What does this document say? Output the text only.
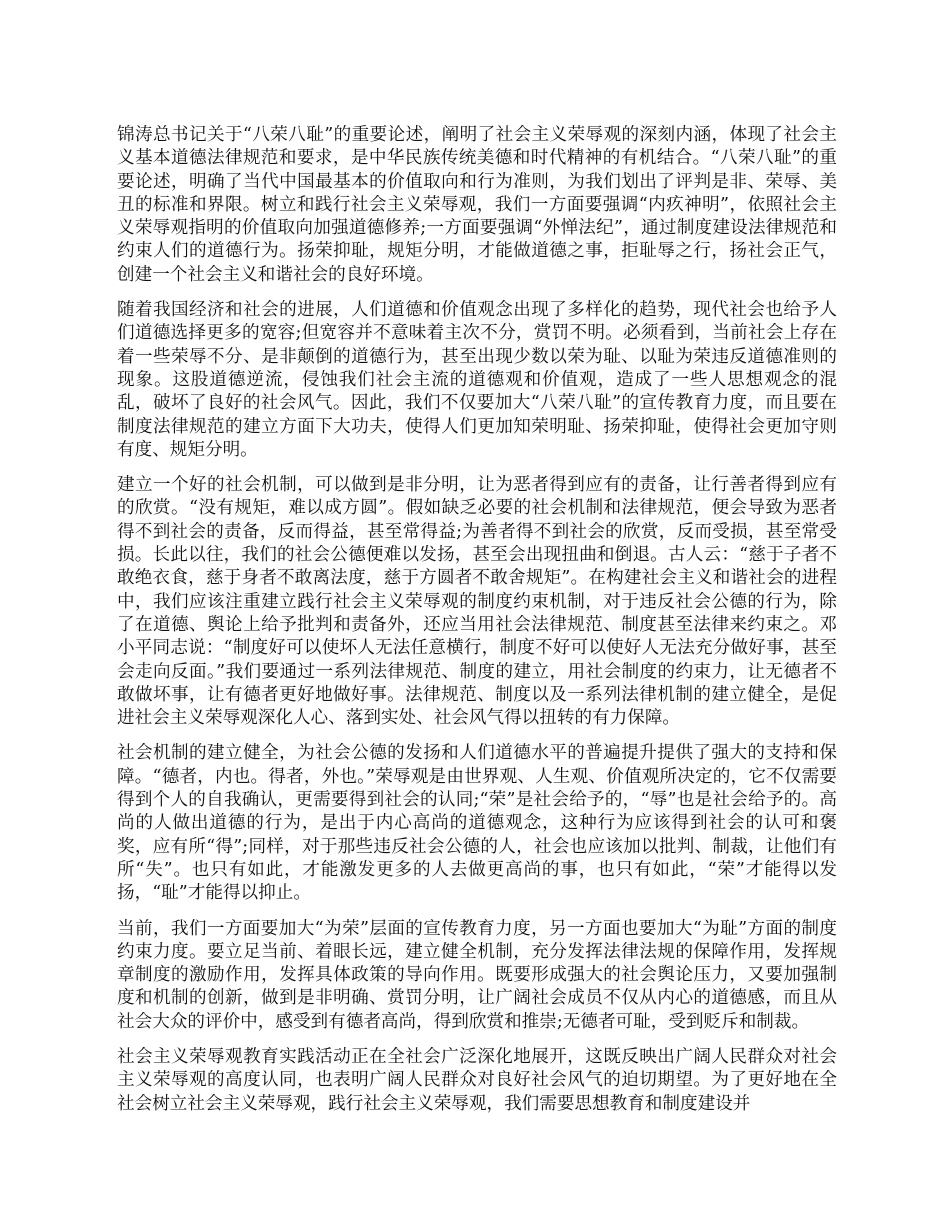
锦涛总书记关于“八荣八耻”的重要论述，阐明了社会主义荣辱观的深刻内涵，体现了社会主义基本道德法律规范和要求，是中华民族传统美德和时代精神的有机结合。“八荣八耻”的重要论述，明确了当代中国最基本的价值取向和行为准则，为我们划出了评判是非、荣辱、美丑的标准和界限。树立和践行社会主义荣辱观，我们一方面要强调“内疚神明”，依照社会主义荣辱观指明的价值取向加强道德修养;一方面要强调“外惮法纪”，通过制度建设法律规范和约束人们的道德行为。扬荣抑耻，规矩分明，才能做道德之事，拒耻辱之行，扬社会正气，创建一个社会主义和谐社会的良好环境。

随着我国经济和社会的进展，人们道德和价值观念出现了多样化的趋势，现代社会也给予人们道德选择更多的宽容;但宽容并不意味着主次不分，赏罚不明。必须看到，当前社会上存在着一些荣辱不分、是非颠倒的道德行为，甚至出现少数以荣为耻、以耻为荣违反道德准则的现象。这股道德逆流，侵蚀我们社会主流的道德观和价值观，造成了一些人思想观念的混乱，破坏了良好的社会风气。因此，我们不仅要加大“八荣八耻”的宣传教育力度，而且要在制度法律规范的建立方面下大功夫，使得人们更加知荣明耻、扬荣抑耻，使得社会更加守则有度、规矩分明。

建立一个好的社会机制，可以做到是非分明，让为恶者得到应有的责备，让行善者得到应有的欣赏。“没有规矩，难以成方圆”。假如缺乏必要的社会机制和法律规范，便会导致为恶者得不到社会的责备，反而得益，甚至常得益;为善者得不到社会的欣赏，反而受损，甚至常受损。长此以往，我们的社会公德便难以发扬，甚至会出现扭曲和倒退。古人云：“慈于子者不敢绝衣食，慈于身者不敢离法度，慈于方圆者不敢舍规矩”。在构建社会主义和谐社会的进程中，我们应该注重建立践行社会主义荣辱观的制度约束机制，对于违反社会公德的行为，除了在道德、舆论上给予批判和责备外，还应当用社会法律规范、制度甚至法律来约束之。邓小平同志说：“制度好可以使坏人无法任意横行，制度不好可以使好人无法充分做好事，甚至会走向反面。”我们要通过一系列法律规范、制度的建立，用社会制度的约束力，让无德者不敢做坏事，让有德者更好地做好事。法律规范、制度以及一系列法律机制的建立健全，是促进社会主义荣辱观深化人心、落到实处、社会风气得以扭转的有力保障。

社会机制的建立健全，为社会公德的发扬和人们道德水平的普遍提升提供了强大的支持和保障。“德者，内也。得者，外也。”荣辱观是由世界观、人生观、价值观所决定的，它不仅需要得到个人的自我确认，更需要得到社会的认同;“荣”是社会给予的，“辱”也是社会给予的。高尚的人做出道德的行为，是出于内心高尚的道德观念，这种行为应该得到社会的认可和褒奖，应有所“得”;同样，对于那些违反社会公德的人，社会也应该加以批判、制裁，让他们有所“失”。也只有如此，才能激发更多的人去做更高尚的事，也只有如此，“荣”才能得以发扬，“耻”才能得以抑止。

当前，我们一方面要加大“为荣”层面的宣传教育力度，另一方面也要加大“为耻”方面的制度约束力度。要立足当前、着眼长远，建立健全机制，充分发挥法律法规的保障作用，发挥规章制度的激励作用，发挥具体政策的导向作用。既要形成强大的社会舆论压力，又要加强制度和机制的创新，做到是非明确、赏罚分明，让广阔社会成员不仅从内心的道德感，而且从社会大众的评价中，感受到有德者高尚，得到欣赏和推崇;无德者可耻，受到贬斥和制裁。

社会主义荣辱观教育实践活动正在全社会广泛深化地展开，这既反映出广阔人民群众对社会主义荣辱观的高度认同，也表明广阔人民群众对良好社会风气的迫切期望。为了更好地在全社会树立社会主义荣辱观，践行社会主义荣辱观，我们需要思想教育和制度建设并
